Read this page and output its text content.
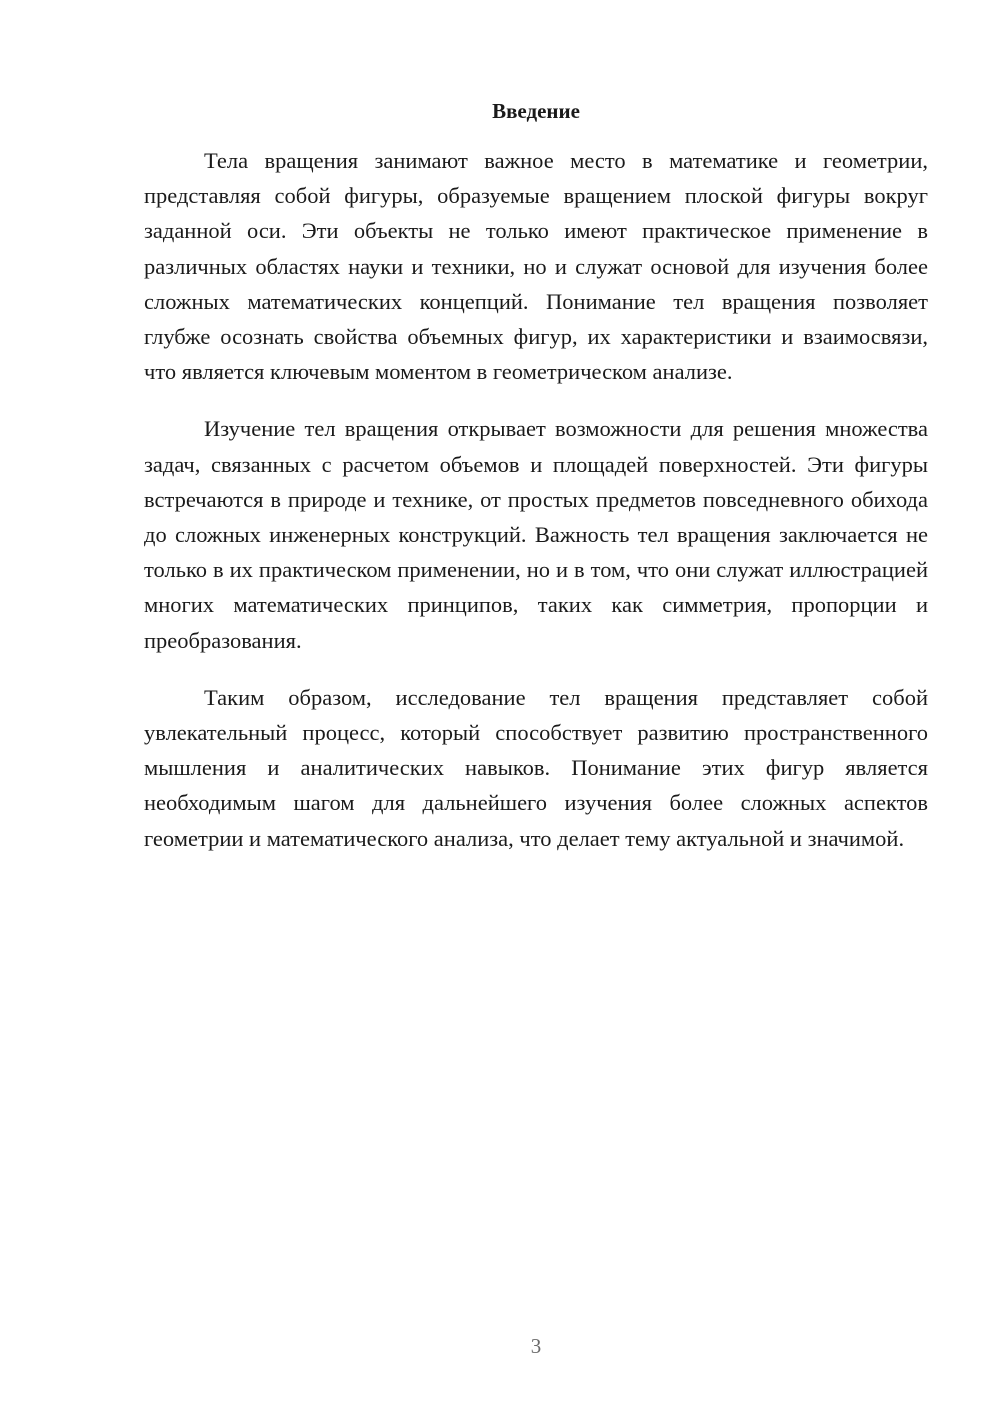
Введение

Тела вращения занимают важное место в математике и геометрии, представляя собой фигуры, образуемые вращением плоской фигуры вокруг заданной оси. Эти объекты не только имеют практическое применение в различных областях науки и техники, но и служат основой для изучения более сложных математических концепций. Понимание тел вращения позволяет глубже осознать свойства объемных фигур, их характеристики и взаимосвязи, что является ключевым моментом в геометрическом анализе.

Изучение тел вращения открывает возможности для решения множества задач, связанных с расчетом объемов и площадей поверхностей. Эти фигуры встречаются в природе и технике, от простых предметов повседневного обихода до сложных инженерных конструкций. Важность тел вращения заключается не только в их практическом применении, но и в том, что они служат иллюстрацией многих математических принципов, таких как симметрия, пропорции и преобразования.

Таким образом, исследование тел вращения представляет собой увлекательный процесс, который способствует развитию пространственного мышления и аналитических навыков. Понимание этих фигур является необходимым шагом для дальнейшего изучения более сложных аспектов геометрии и математического анализа, что делает тему актуальной и значимой.

3
